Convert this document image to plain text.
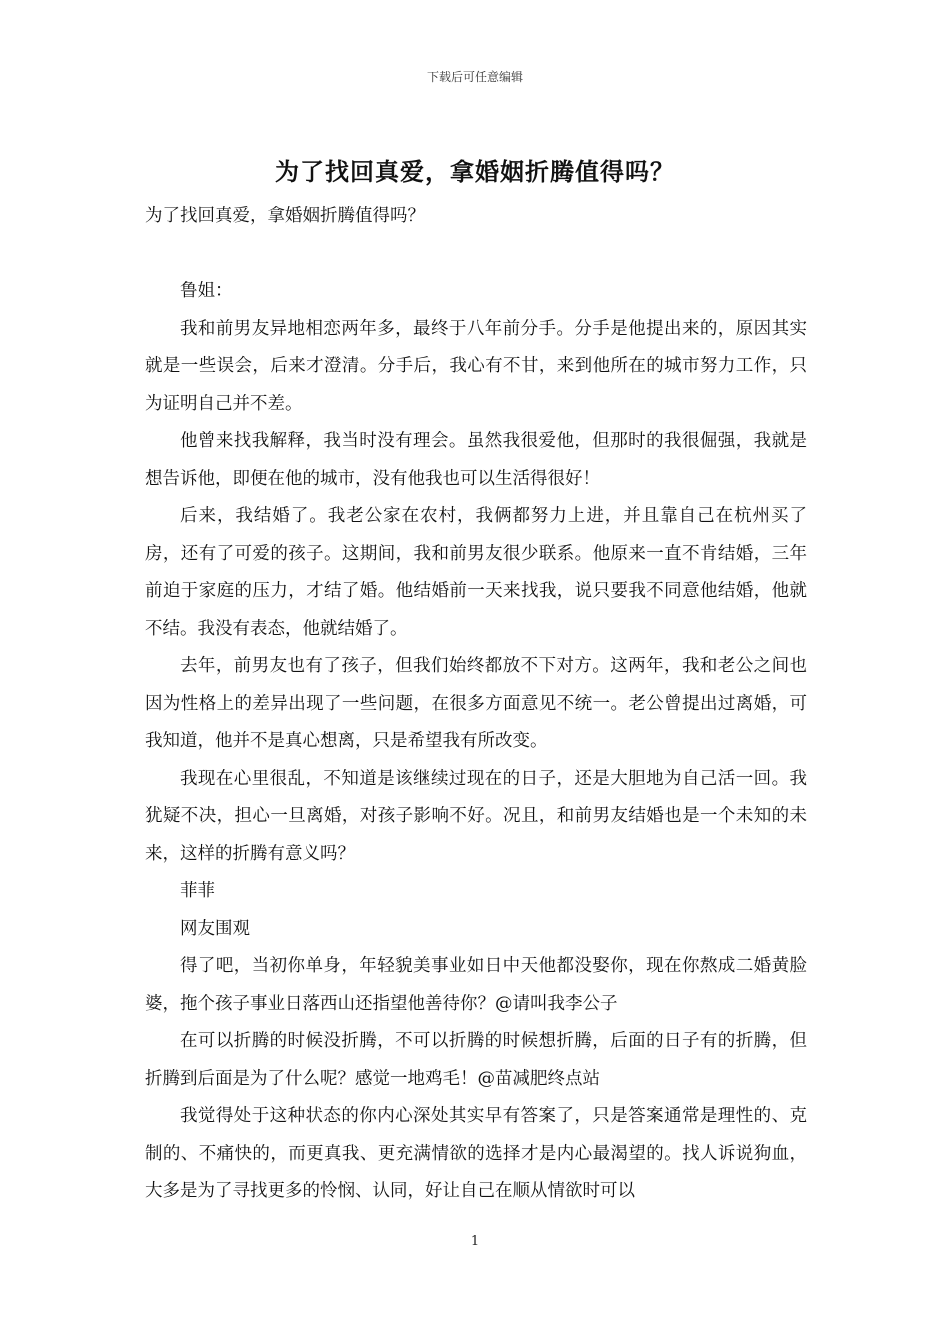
下载后可任意编辑
为了找回真爱，拿婚姻折腾值得吗？

为了找回真爱，拿婚姻折腾值得吗？

鲁姐：

我和前男友异地相恋两年多，最终于八年前分手。分手是他提出来的，原因其实就是一些误会，后来才澄清。分手后，我心有不甘，来到他所在的城市努力工作，只为证明自己并不差。

他曾来找我解释，我当时没有理会。虽然我很爱他，但那时的我很倔强，我就是想告诉他，即便在他的城市，没有他我也可以生活得很好！

后来，我结婚了。我老公家在农村，我俩都努力上进，并且靠自己在杭州买了房，还有了可爱的孩子。这期间，我和前男友很少联系。他原来一直不肯结婚，三年前迫于家庭的压力，才结了婚。他结婚前一天来找我，说只要我不同意他结婚，他就不结。我没有表态，他就结婚了。

去年，前男友也有了孩子，但我们始终都放不下对方。这两年，我和老公之间也因为性格上的差异出现了一些问题，在很多方面意见不统一。老公曾提出过离婚，可我知道，他并不是真心想离，只是希望我有所改变。

我现在心里很乱，不知道是该继续过现在的日子，还是大胆地为自己活一回。我犹疑不决，担心一旦离婚，对孩子影响不好。况且，和前男友结婚也是一个未知的未来，这样的折腾有意义吗？

菲菲

网友围观

得了吧，当初你单身，年轻貌美事业如日中天他都没娶你，现在你熬成二婚黄脸婆，拖个孩子事业日落西山还指望他善待你？@请叫我李公子

在可以折腾的时候没折腾，不可以折腾的时候想折腾，后面的日子有的折腾，但折腾到后面是为了什么呢？感觉一地鸡毛！@苗减肥终点站

我觉得处于这种状态的你内心深处其实早有答案了，只是答案通常是理性的、克制的、不痛快的，而更真我、更充满情欲的选择才是内心最渴望的。找人诉说狗血，大多是为了寻找更多的怜悯、认同，好让自己在顺从情欲时可以

1
